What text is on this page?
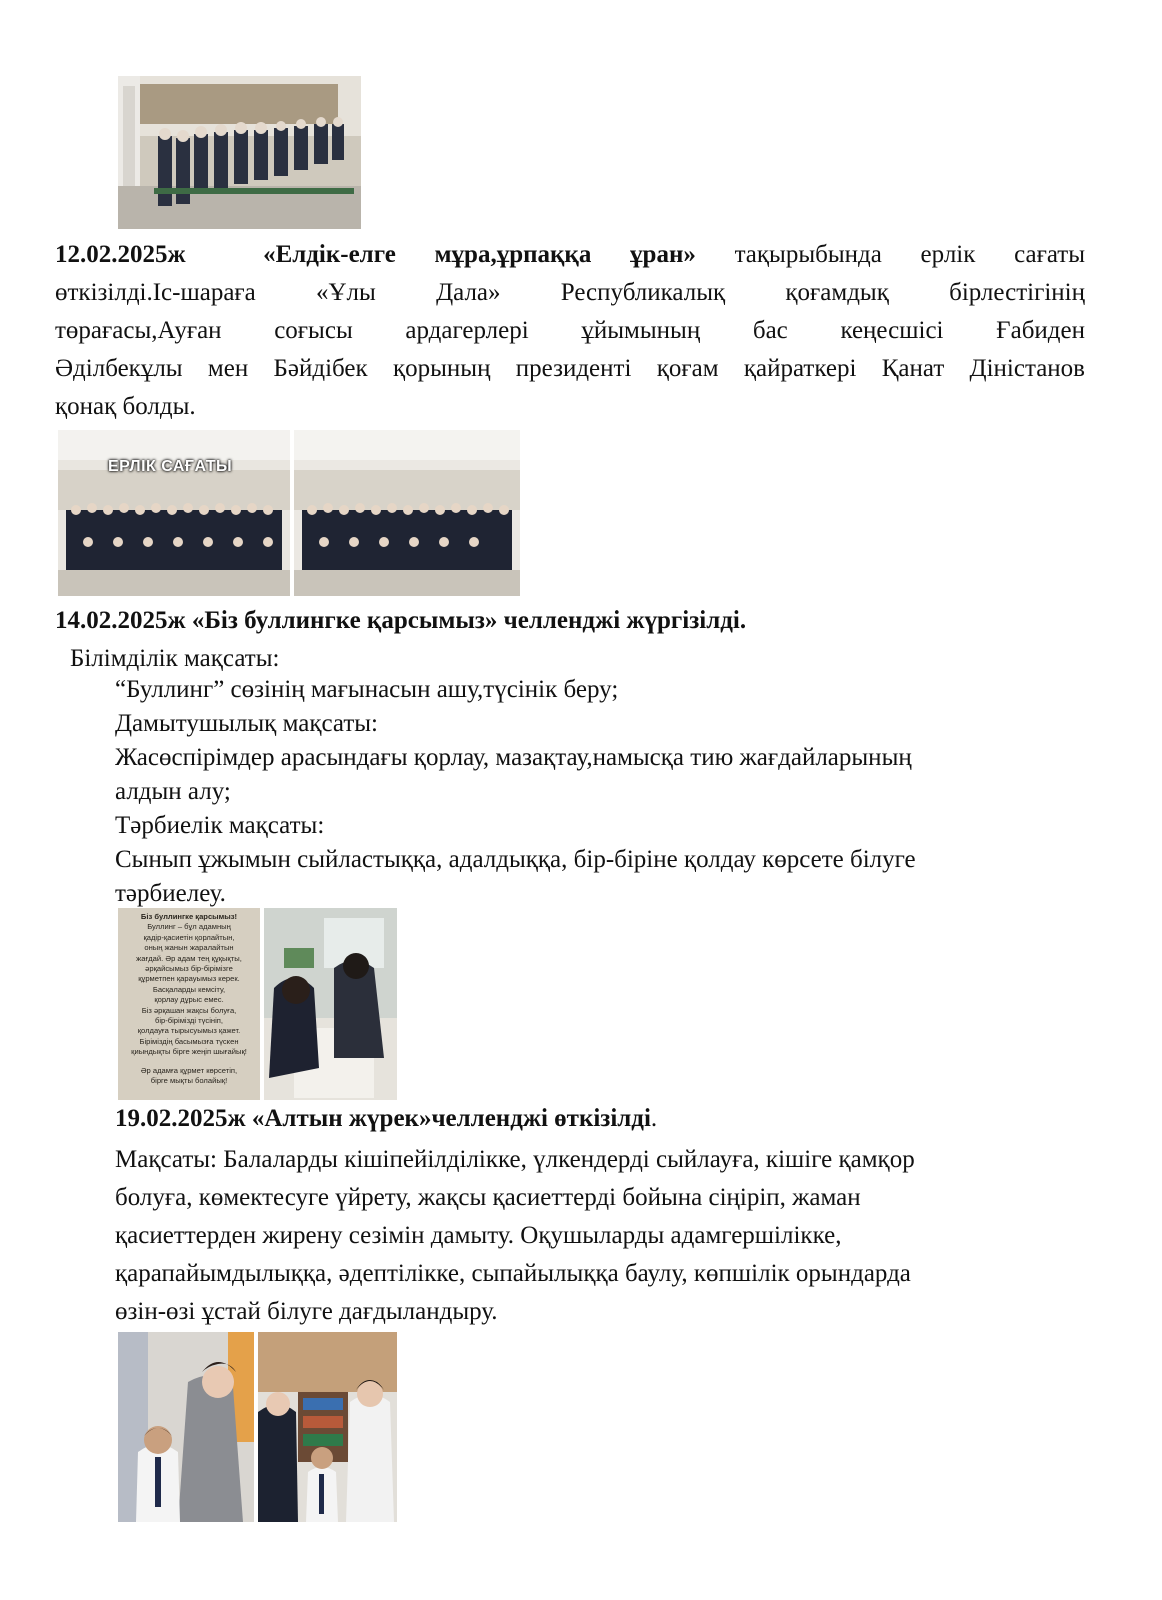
12.02.2025ж	«Елдік-елге мұра,ұрпаққа ұран» тақырыбында ерлік сағаты
өткізілді.Іс-шараға «Ұлы Дала» Республикалық қоғамдық бірлестігінің
төрағасы,Ауған соғысы ардагерлері ұйымының бас кеңесшісі Ғабиден
Әділбекұлы мен Бәйдібек қорының президенті қоғам қайраткері Қанат Дiнiстанов
қонақ болды.
ЕРЛІК САҒАТЫ
14.02.2025ж «Біз буллингке қарсымыз» челленджі жүргізілді.
Білімділік мақсаты:
“Буллинг” сөзінің мағынасын ашу,түсінік беру;
Дамытушылық мақсаты:
Жасөспірімдер арасындағы қорлау, мазақтау,намысқа тию жағдайларының
алдын алу;
Тәрбиелік мақсаты:
Сынып ұжымын сыйластыққа, адалдыққа, бір-біріне қолдау көрсете білуге
тәрбиелеу.
Біз буллингке қарсымыз!
Буллинг – бұл адамның
қадір-қасиетін қорлайтын,
оның жанын жаралайтын
жағдай. Әр адам тең құқықты,
әрқайсымыз бір-бірімізге
құрметпен қарауымыз керек.
Басқаларды кемсіту,
қорлау дұрыс емес.
Біз әрқашан жақсы болуға,
бір-бірімізді түсініп,
қолдауға тырысуымыз қажет.
Біріміздің басымызға түскен
қиындықты бірге жеңіп шығайық!
Әр адамға құрмет көрсетіп,
бірге мықты болайық!
19.02.2025ж «Алтын жүрек»челленджі өткізілді.
Мақсаты: Балаларды кішіпейілділікке, үлкендерді сыйлауға, кішіге қамқор
болуға, көмектесуге үйрету, жақсы қасиеттерді бойына сіңіріп, жаман
қасиеттерден жирену сезімін дамыту. Оқушыларды адамгершілікке,
қарапайымдылыққа, әдептілікке, сыпайылыққа баулу, көпшілік орындарда
өзін-өзі ұстай білуге дағдыландыру.
